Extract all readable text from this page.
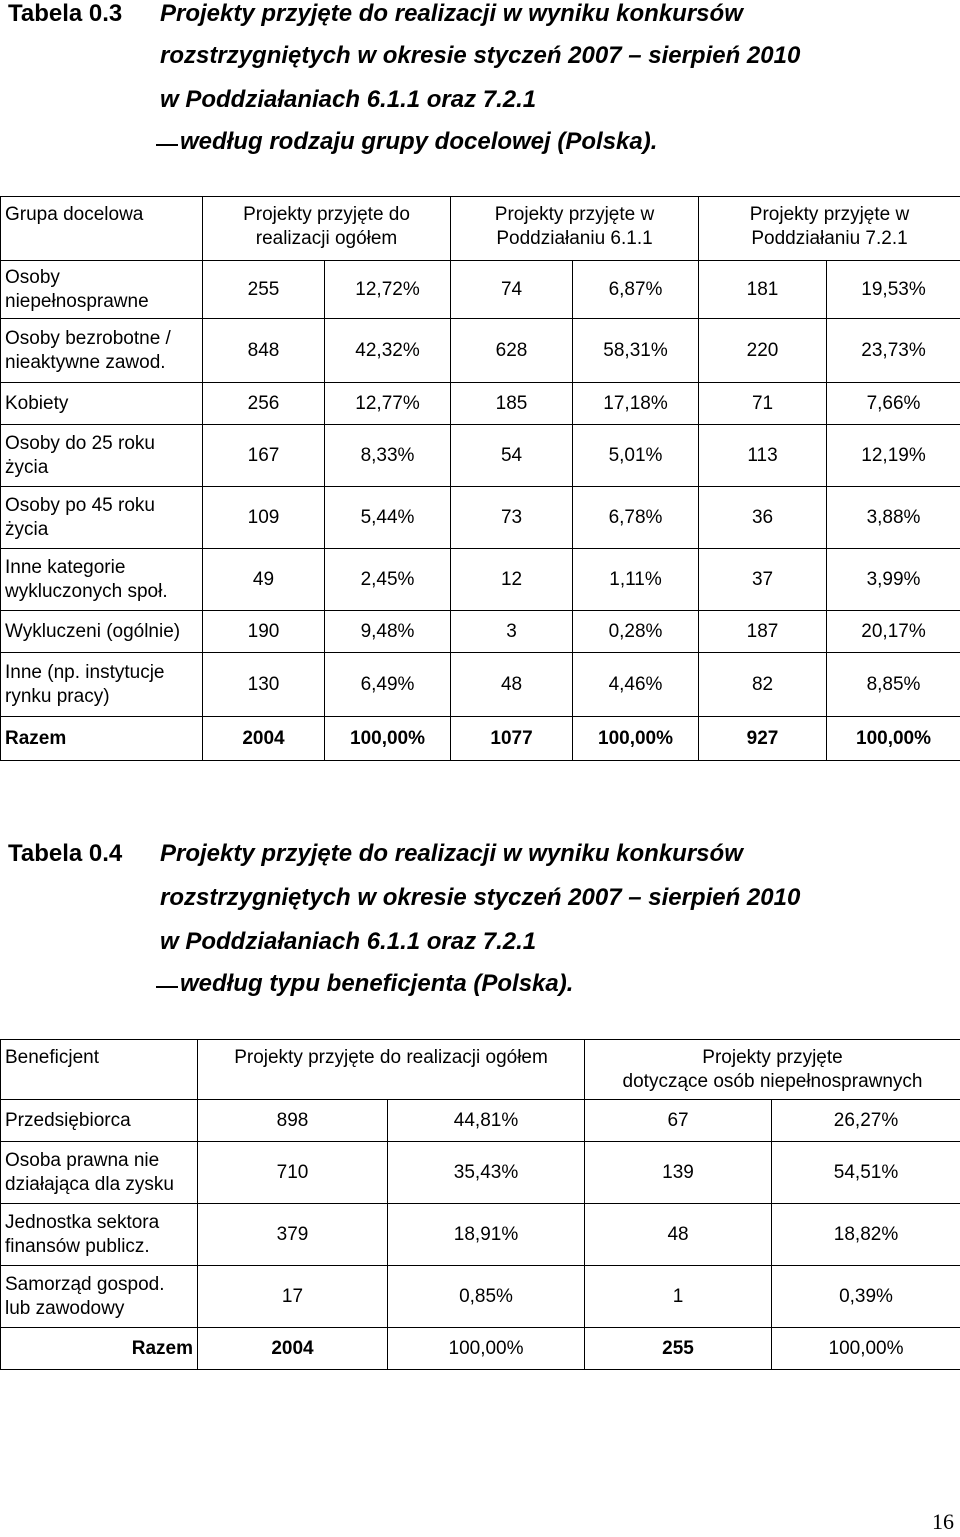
Tabela 0.3 Projekty przyjęte do realizacji w wyniku konkursów
rozstrzygniętych w okresie styczeń 2007 – sierpień 2010
w Poddziałaniach 6.1.1 oraz 7.2.1
według rodzaju grupy docelowej (Polska).
Grupa docelowa	Projekty przyjęte do realizacji ogółem		Projekty przyjęte w Poddziałaniu 6.1.1		Projekty przyjęte w Poddziałaniu 7.2.1	
Osoby niepełnosprawne	255	12,72%	74	6,87%	181	19,53%
Osoby bezrobotne / nieaktywne zawod.	848	42,32%	628	58,31%	220	23,73%
Kobiety	256	12,77%	185	17,18%	71	7,66%
Osoby do 25 roku życia	167	8,33%	54	5,01%	113	12,19%
Osoby po 45 roku życia	109	5,44%	73	6,78%	36	3,88%
Inne kategorie wykluczonych społ.	49	2,45%	12	1,11%	37	3,99%
Wykluczeni (ogólnie)	190	9,48%	3	0,28%	187	20,17%
Inne (np. instytucje rynku pracy)	130	6,49%	48	4,46%	82	8,85%
Razem	2004	100,00%	1077	100,00%	927	100,00%
Tabela 0.4 Projekty przyjęte do realizacji w wyniku konkursów
rozstrzygniętych w okresie styczeń 2007 – sierpień 2010
w Poddziałaniach 6.1.1 oraz 7.2.1
według typu beneficjenta (Polska).
Beneficjent	Projekty przyjęte do realizacji ogółem		Projekty przyjęte
dotyczące osób niepełnosprawnych	

Przedsiębiorca	898	44,81%	67	26,27%
Osoba prawna nie działająca dla zysku	710	35,43%	139	54,51%
Jednostka sektora finansów publicz.	379	18,91%	48	18,82%
Samorząd gospod. lub zawodowy	17	0,85%	1	0,39%
Razem	2004	100,00%	255	100,00%
16
